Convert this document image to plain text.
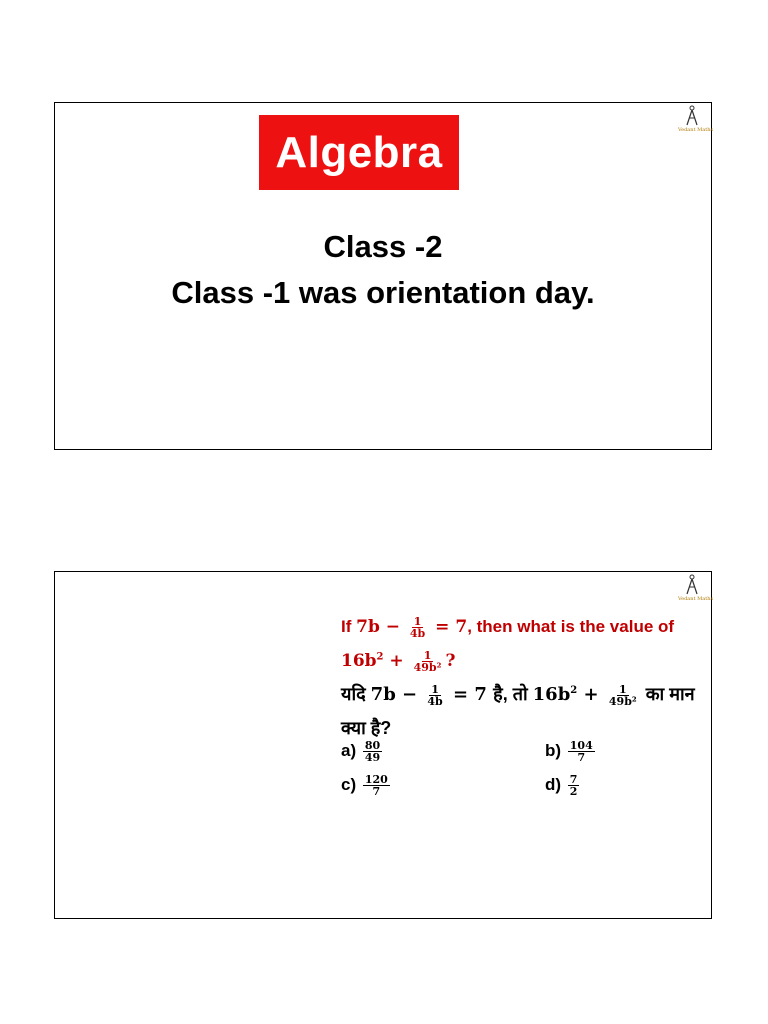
Vedant Maths
Algebra
Class -2
Class -1 was orientation day.
Vedant Maths
If $7b - \frac{1}{4b} = 7$, then what is the value of
$16b^2 + \frac{1}{\text{49b²}}$ ?
यदि $7b - \frac{1}{4b} = 7$ है, तो $16b^2 + \frac{1}{\text{49b²}}$ का मान
क्या है?
$a) \frac{80}{49}$	$b) \frac{104}{7}$
$c) \frac{120}{7}$	$d) \frac{7}{2}$
